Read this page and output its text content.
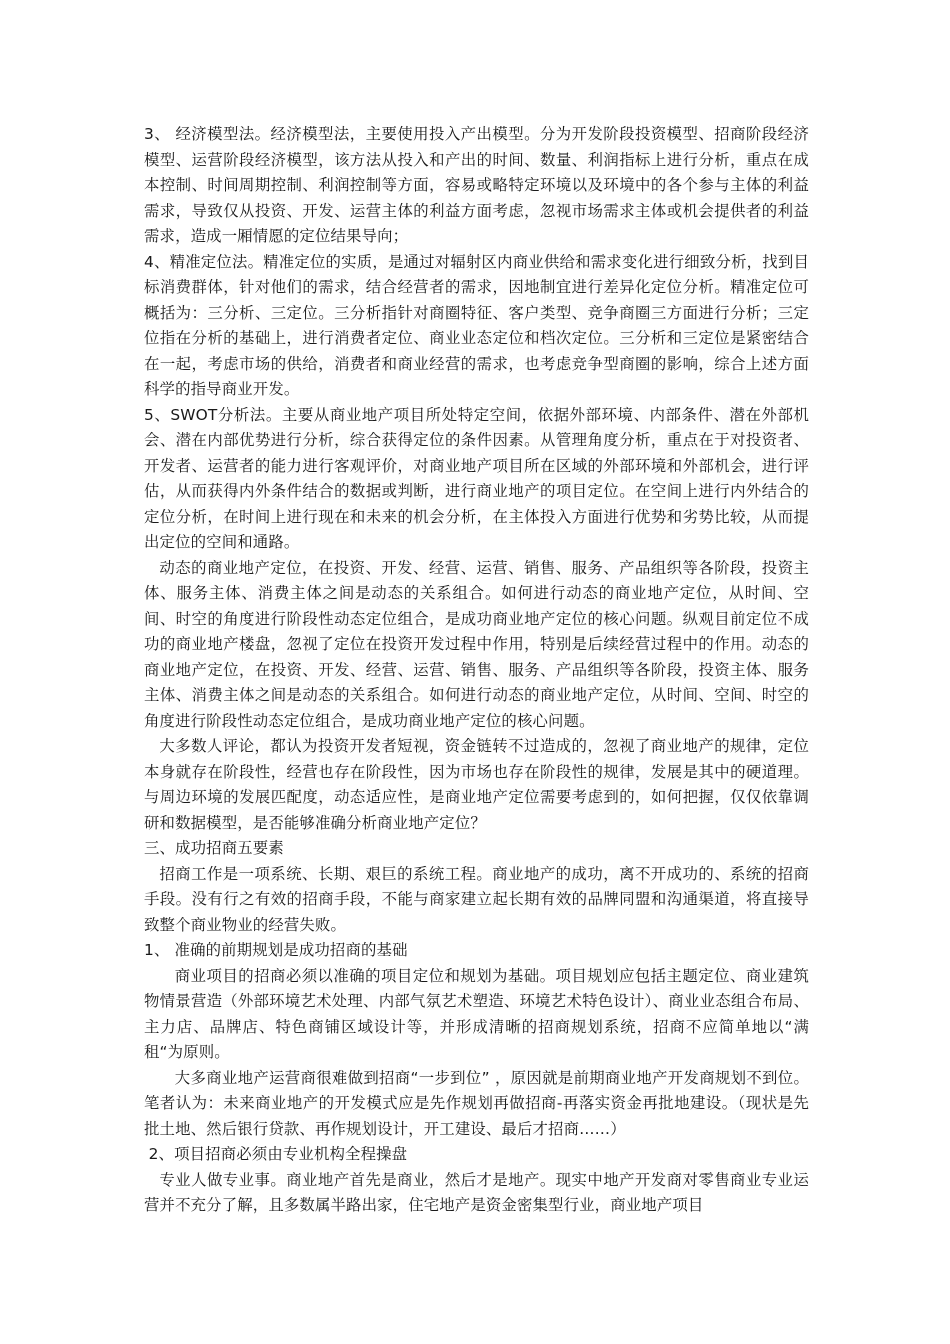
3、 经济模型法。经济模型法，主要使用投入产出模型。分为开发阶段投资模型、招商阶段经济模型、运营阶段经济模型，该方法从投入和产出的时间、数量、利润指标上进行分析，重点在成本控制、时间周期控制、利润控制等方面，容易或略特定环境以及环境中的各个参与主体的利益需求，导致仅从投资、开发、运营主体的利益方面考虑，忽视市场需求主体或机会提供者的利益需求，造成一厢情愿的定位结果导向；

4、精准定位法。精准定位的实质，是通过对辐射区内商业供给和需求变化进行细致分析，找到目标消费群体，针对他们的需求，结合经营者的需求，因地制宜进行差异化定位分析。精准定位可概括为：三分析、三定位。三分析指针对商圈特征、客户类型、竞争商圈三方面进行分析；三定位指在分析的基础上，进行消费者定位、商业业态定位和档次定位。三分析和三定位是紧密结合在一起，考虑市场的供给，消费者和商业经营的需求，也考虑竞争型商圈的影响，综合上述方面科学的指导商业开发。

5、SWOT分析法。主要从商业地产项目所处特定空间，依据外部环境、内部条件、潜在外部机会、潜在内部优势进行分析，综合获得定位的条件因素。从管理角度分析，重点在于对投资者、开发者、运营者的能力进行客观评价，对商业地产项目所在区域的外部环境和外部机会，进行评估，从而获得内外条件结合的数据或判断，进行商业地产的项目定位。在空间上进行内外结合的定位分析，在时间上进行现在和未来的机会分析，在主体投入方面进行优势和劣势比较，从而提出定位的空间和通路。

动态的商业地产定位，在投资、开发、经营、运营、销售、服务、产品组织等各阶段，投资主体、服务主体、消费主体之间是动态的关系组合。如何进行动态的商业地产定位，从时间、空间、时空的角度进行阶段性动态定位组合，是成功商业地产定位的核心问题。纵观目前定位不成功的商业地产楼盘，忽视了定位在投资开发过程中作用，特别是后续经营过程中的作用。动态的商业地产定位，在投资、开发、经营、运营、销售、服务、产品组织等各阶段，投资主体、服务主体、消费主体之间是动态的关系组合。如何进行动态的商业地产定位，从时间、空间、时空的角度进行阶段性动态定位组合，是成功商业地产定位的核心问题。

大多数人评论，都认为投资开发者短视，资金链转不过造成的，忽视了商业地产的规律，定位本身就存在阶段性，经营也存在阶段性，因为市场也存在阶段性的规律，发展是其中的硬道理。与周边环境的发展匹配度，动态适应性，是商业地产定位需要考虑到的，如何把握，仅仅依靠调研和数据模型，是否能够准确分析商业地产定位？

三、成功招商五要素

招商工作是一项系统、长期、艰巨的系统工程。商业地产的成功，离不开成功的、系统的招商手段。没有行之有效的招商手段，不能与商家建立起长期有效的品牌同盟和沟通渠道，将直接导致整个商业物业的经营失败。

1、 准确的前期规划是成功招商的基础

商业项目的招商必须以准确的项目定位和规划为基础。项目规划应包括主题定位、商业建筑物情景营造（外部环境艺术处理、内部气氛艺术塑造、环境艺术特色设计）、商业业态组合布局、主力店、品牌店、特色商铺区域设计等，并形成清晰的招商规划系统，招商不应简单地以“满租“为原则。

大多商业地产运营商很难做到招商“一步到位” ，原因就是前期商业地产开发商规划不到位。笔者认为：未来商业地产的开发模式应是先作规划再做招商-再落实资金再批地建设。（现状是先批土地、然后银行贷款、再作规划设计，开工建设、最后才招商……）

2、项目招商必须由专业机构全程操盘

专业人做专业事。商业地产首先是商业，然后才是地产。现实中地产开发商对零售商业专业运营并不充分了解，且多数属半路出家，住宅地产是资金密集型行业，商业地产项目
